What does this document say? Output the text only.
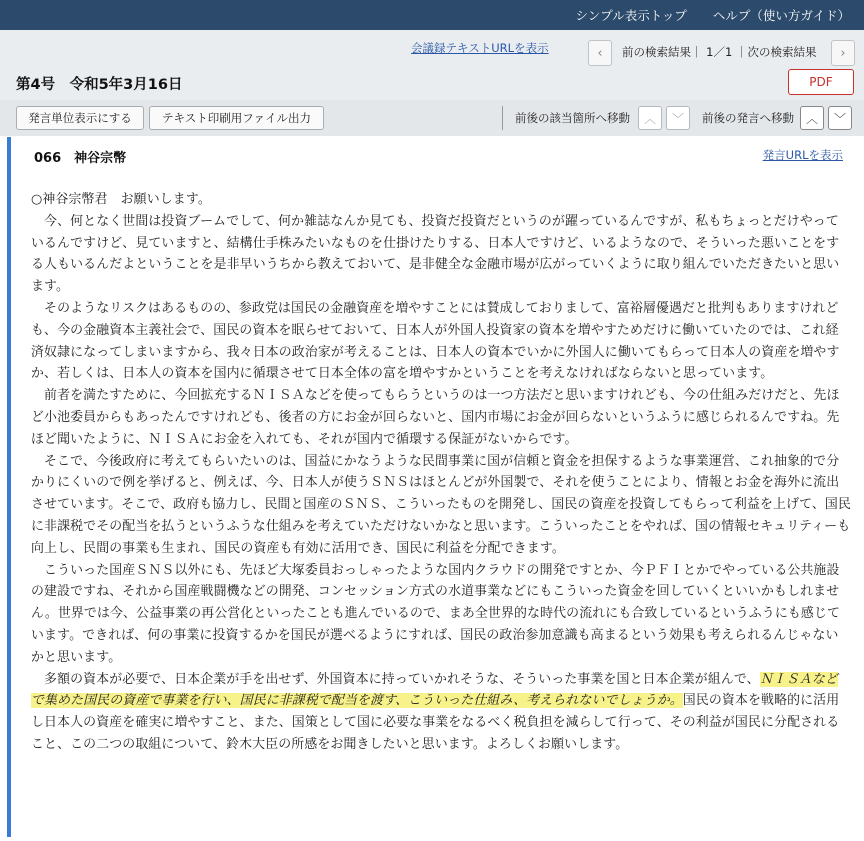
シンプル表示トップ ヘルプ（使い方ガイド）
会議録テキストURLを表示	‹	前の検索結果｜ 1／1 ｜次の検索結果	›
第4号　令和5年3月16日	PDF
発言単位表示にする	テキスト印刷用ファイル出力	前後の該当箇所へ移動	︿	﹀	前後の発言へ移動 ︿	﹀
066　神谷宗幣	発言URLを表示

○神谷宗幣君　お願いします。

　今、何となく世間は投資ブームでして、何か雑誌なんか見ても、投資だ投資だというのが躍っているんですが、私もちょっとだけやっているんですけど、見ていますと、結構仕手株みたいなものを仕掛けたりする、日本人ですけど、いるようなので、そういった悪いことをする人もいるんだよということを是非早いうちから教えておいて、是非健全な金融市場が広がっていくように取り組んでいただきたいと思います。

　そのようなリスクはあるものの、参政党は国民の金融資産を増やすことには賛成しておりまして、富裕層優遇だと批判もありますけれども、今の金融資本主義社会で、国民の資本を眠らせておいて、日本人が外国人投資家の資本を増やすためだけに働いていたのでは、これ経済奴隷になってしまいますから、我々日本の政治家が考えることは、日本人の資本でいかに外国人に働いてもらって日本人の資産を増やすか、若しくは、日本人の資本を国内に循環させて日本全体の富を増やすかということを考えなければならないと思っています。

　前者を満たすために、今回拡充するＮＩＳＡなどを使ってもらうというのは一つ方法だと思いますけれども、今の仕組みだけだと、先ほど小池委員からもあったんですけれども、後者の方にお金が回らないと、国内市場にお金が回らないというふうに感じられるんですね。先ほど聞いたように、ＮＩＳＡにお金を入れても、それが国内で循環する保証がないからです。

　そこで、今後政府に考えてもらいたいのは、国益にかなうような民間事業に国が信頼と資金を担保するような事業運営、これ抽象的で分かりにくいので例を挙げると、例えば、今、日本人が使うＳＮＳはほとんどが外国製で、それを使うことにより、情報とお金を海外に流出させています。そこで、政府も協力し、民間と国産のＳＮＳ、こういったものを開発し、国民の資産を投資してもらって利益を上げて、国民に非課税でその配当を払うというふうな仕組みを考えていただけないかなと思います。こういったことをやれば、国の情報セキュリティーも向上し、民間の事業も生まれ、国民の資産も有効に活用でき、国民に利益を分配できます。

　こういった国産ＳＮＳ以外にも、先ほど大塚委員おっしゃったような国内クラウドの開発ですとか、今ＰＦＩとかでやっている公共施設の建設ですね、それから国産戦闘機などの開発、コンセッション方式の水道事業などにもこういった資金を回していくといいかもしれません。世界では今、公益事業の再公営化といったことも進んでいるので、まあ全世界的な時代の流れにも合致しているというふうにも感じています。できれば、何の事業に投資するかを国民が選べるようにすれば、国民の政治参加意識も高まるという効果も考えられるんじゃないかと思います。

　多額の資本が必要で、日本企業が手を出せず、外国資本に持っていかれそうな、そういった事業を国と日本企業が組んで、ＮＩＳＡなどで集めた国民の資産で事業を行い、国民に非課税で配当を渡す、こういった仕組み、考えられないでしょうか。国民の資本を戦略的に活用し日本人の資産を確実に増やすこと、また、国策として国に必要な事業をなるべく税負担を減らして行って、その利益が国民に分配されること、この二つの取組について、鈴木大臣の所感をお聞きしたいと思います。よろしくお願いします。
